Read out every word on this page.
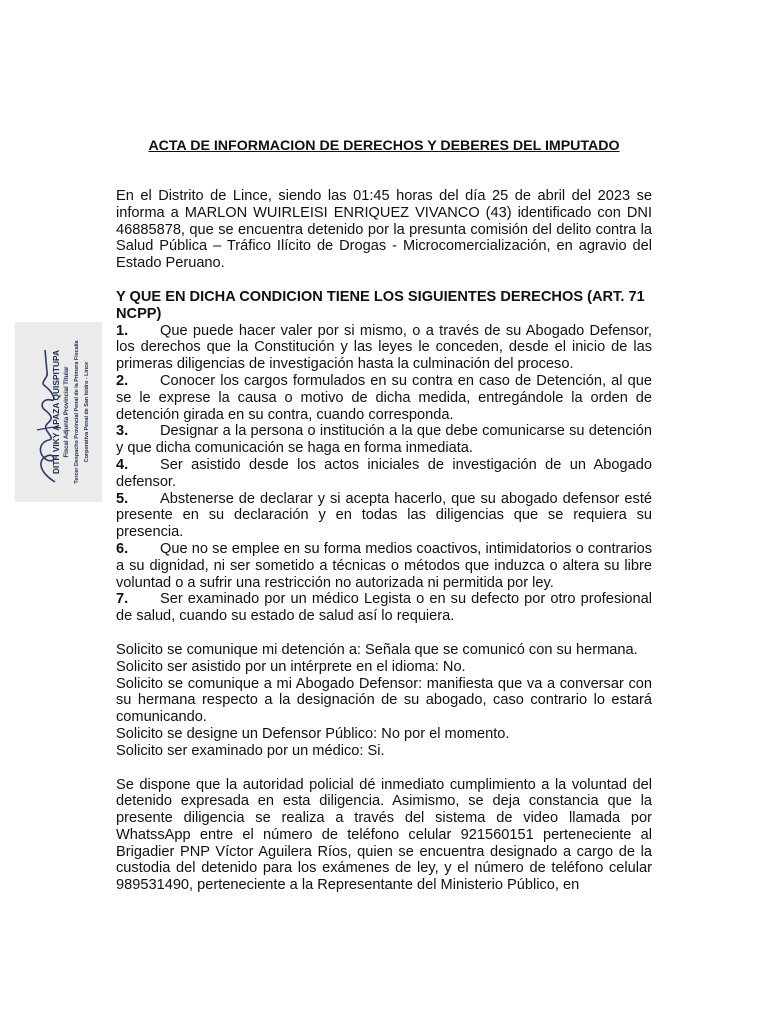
DITH VIKY APAZA QUISPITUPA Fiscal Adjunta Provincial Titular Tercer Despacho Provincial Penal de la Primera Fiscalía Corporativa Penal de San Isidro - Lince
ACTA DE INFORMACION DE DERECHOS Y DEBERES DEL IMPUTADO

En el Distrito de Lince, siendo las 01:45 horas del día 25 de abril del 2023 se informa a MARLON WUIRLEISI ENRIQUEZ VIVANCO (43) identificado con DNI 46885878, que se encuentra detenido por la presunta comisión del delito contra la Salud Pública – Tráfico Ilícito de Drogas - Microcomercialización, en agravio del Estado Peruano.

Y QUE EN DICHA CONDICION TIENE LOS SIGUIENTES DERECHOS (ART. 71 NCPP)

1. Que puede hacer valer por si mismo, o a través de su Abogado Defensor, los derechos que la Constitución y las leyes le conceden, desde el inicio de las primeras diligencias de investigación hasta la culminación del proceso.

2. Conocer los cargos formulados en su contra en caso de Detención, al que se le exprese la causa o motivo de dicha medida, entregándole la orden de detención girada en su contra, cuando corresponda.

3. Designar a la persona o institución a la que debe comunicarse su detención y que dicha comunicación se haga en forma inmediata.

4. Ser asistido desde los actos iniciales de investigación de un Abogado defensor.

5. Abstenerse de declarar y si acepta hacerlo, que su abogado defensor esté presente en su declaración y en todas las diligencias que se requiera su presencia.

6. Que no se emplee en su forma medios coactivos, intimidatorios o contrarios a su dignidad, ni ser sometido a técnicas o métodos que induzca o altera su libre voluntad o a sufrir una restricción no autorizada ni permitida por ley.

7. Ser examinado por un médico Legista o en su defecto por otro profesional de salud, cuando su estado de salud así lo requiera.

Solicito se comunique mi detención a: Señala que se comunicó con su hermana.

Solicito ser asistido por un intérprete en el idioma: No.

Solicito se comunique a mi Abogado Defensor: manifiesta que va a conversar con su hermana respecto a la designación de su abogado, caso contrario lo estará comunicando.

Solicito se designe un Defensor Público: No por el momento.

Solicito ser examinado por un médico: Si.

Se dispone que la autoridad policial dé inmediato cumplimiento a la voluntad del detenido expresada en esta diligencia. Asimismo, se deja constancia que la presente diligencia se realiza a través del sistema de video llamada por WhatssApp entre el número de teléfono celular 921560151 perteneciente al Brigadier PNP Víctor Aguilera Ríos, quien se encuentra designado a cargo de la custodia del detenido para los exámenes de ley, y el número de teléfono celular 989531490, perteneciente a la Representante del Ministerio Público, en
